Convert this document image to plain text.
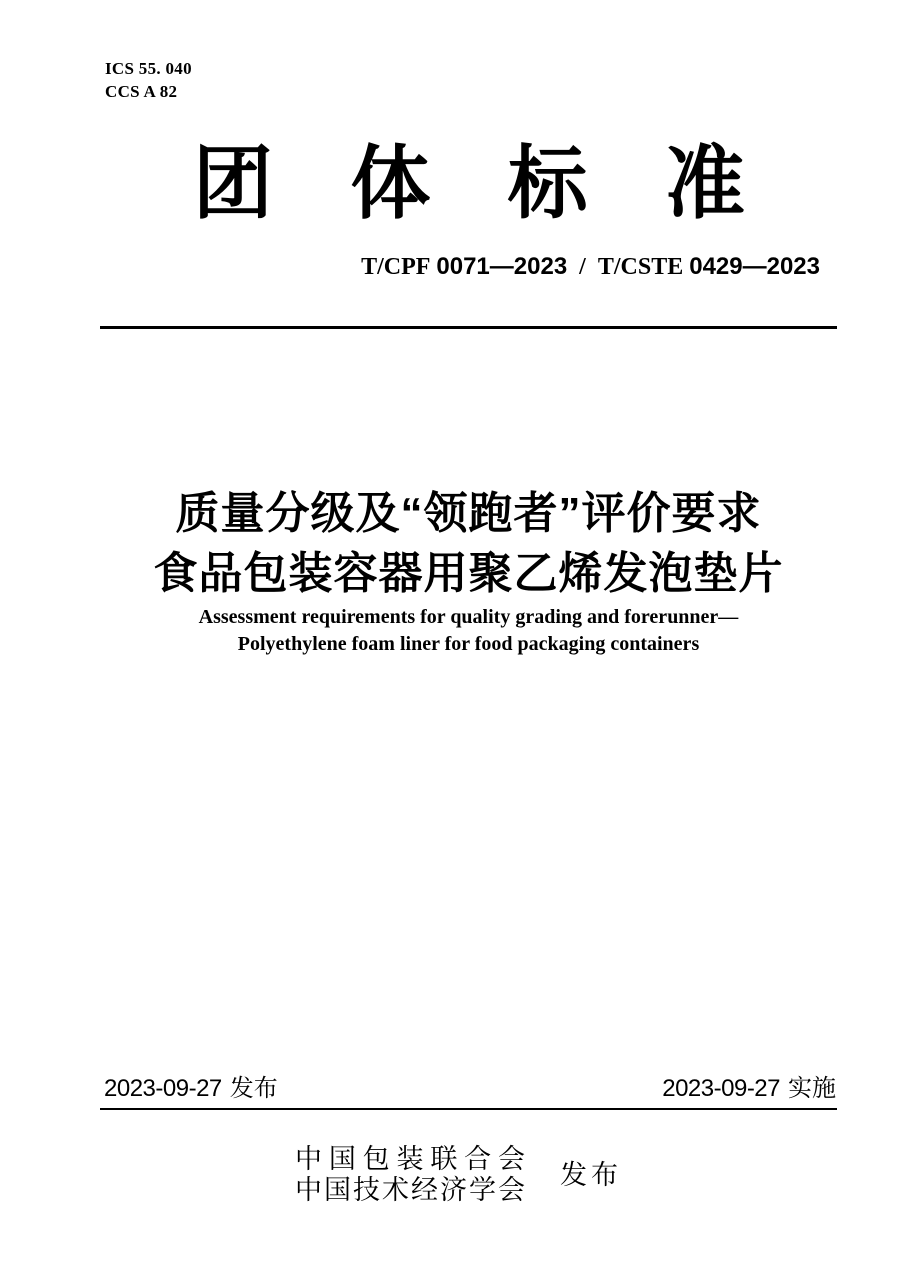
ICS 55. 040
CCS A 82
团体标准
T/CPF 0071—2023 / T/CSTE 0429—2023
质量分级及“领跑者”评价要求
食品包装容器用聚乙烯发泡垫片
Assessment requirements for quality grading and forerunner—
Polyethylene foam liner for food packaging containers
2023-09-27 发布	2023-09-27 实施
中国包装联合会
中国技术经济学会 发布
